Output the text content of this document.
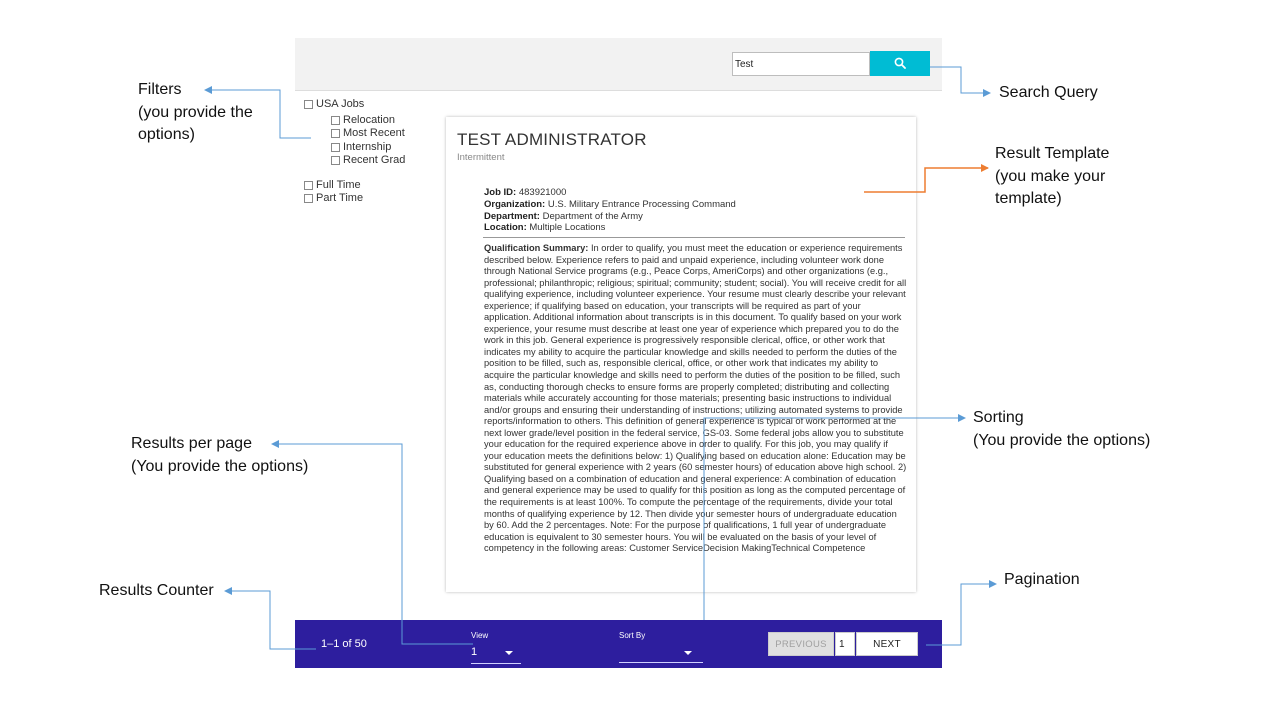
Test
USA Jobs
Relocation
Most Recent
Internship
Recent Grad
Full Time
Part Time
TEST ADMINISTRATOR
Intermittent
Job ID: 483921000
Organization: U.S. Military Entrance Processing Command
Department: Department of the Army
Location: Multiple Locations
Qualification Summary: In order to qualify, you must meet the education or experience requirements described below. Experience refers to paid and unpaid experience, including volunteer work done through National Service programs (e.g., Peace Corps, AmeriCorps) and other organizations (e.g., professional; philanthropic; religious; spiritual; community; student; social). You will receive credit for all qualifying experience, including volunteer experience. Your resume must clearly describe your relevant experience; if qualifying based on education, your transcripts will be required as part of your application. Additional information about transcripts is in this document. To qualify based on your work experience, your resume must describe at least one year of experience which prepared you to do the work in this job. General experience is progressively responsible clerical, office, or other work that indicates my ability to acquire the particular knowledge and skills needed to perform the duties of the position to be filled, such as, responsible clerical, office, or other work that indicates my ability to acquire the particular knowledge and skills need to perform the duties of the position to be filled, such as, conducting thorough checks to ensure forms are properly completed; distributing and collecting materials while accurately accounting for those materials; presenting basic instructions to individual and/or groups and ensuring their understanding of instructions; utilizing automated systems to provide reports/information to others. This definition of general experience is typical of work performed at the next lower grade/level position in the federal service, GS-03. Some federal jobs allow you to substitute your education for the required experience above in order to qualify. For this job, you may qualify if your education meets the definitions below: 1) Qualifying based on education alone: Education may be substituted for general experience with 2 years (60 semester hours) of education above high school. 2) Qualifying based on a combination of education and general experience: A combination of education and general experience may be used to qualify for this position as long as the computed percentage of the requirements is at least 100%. To compute the percentage of the requirements, divide your total months of qualifying experience by 12. Then divide your semester hours of undergraduate education by 60. Add the 2 percentages. Note: For the purpose of qualifications, 1 full year of undergraduate education is equivalent to 30 semester hours. You will be evaluated on the basis of your level of competency in the following areas: Customer ServiceDecision MakingTechnical Competence
1–1 of 50
View
1
Sort By
PREVIOUS	1	NEXT
Filters
(you provide the
options)
Search Query
Result Template
(you make your
template)
Sorting
(You provide the options)
Results per page
(You provide the options)
Results Counter
Pagination
